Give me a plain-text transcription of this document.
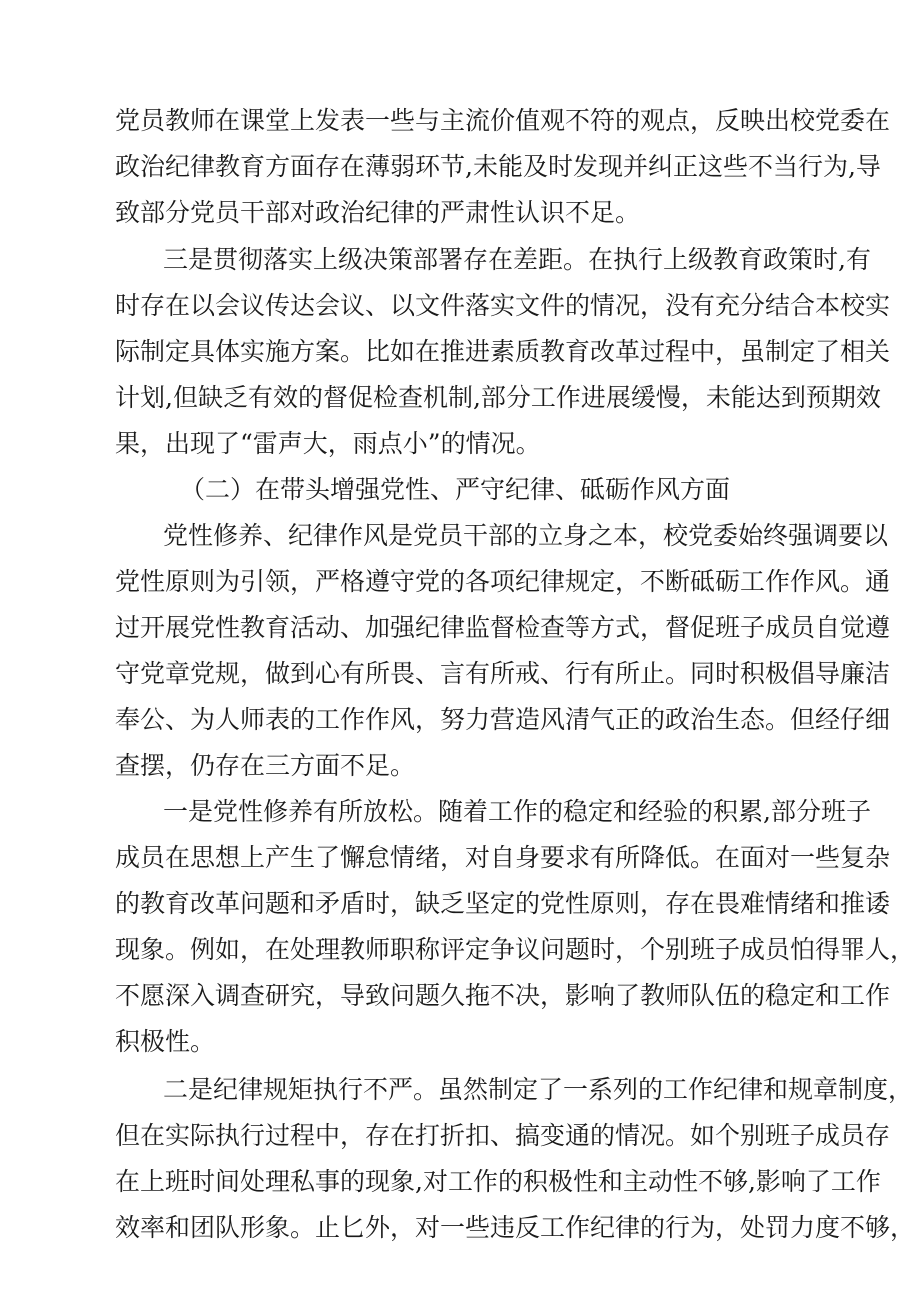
党员教师在课堂上发表一些与主流价值观不符的观点，反映出校党委在
政治纪律教育方面存在薄弱环节,未能及时发现并纠正这些不当行为,导
致部分党员干部对政治纪律的严肃性认识不足。
三是贯彻落实上级决策部署存在差距。在执行上级教育政策时,有
时存在以会议传达会议、以文件落实文件的情况，没有充分结合本校实
际制定具体实施方案。比如在推进素质教育改革过程中，虽制定了相关
计划,但缺乏有效的督促检查机制,部分工作进展缓慢，未能达到预期效
果，出现了“雷声大，雨点小”的情况。
（二）在带头增强党性、严守纪律、砥砺作风方面
党性修养、纪律作风是党员干部的立身之本，校党委始终强调要以
党性原则为引领，严格遵守党的各项纪律规定，不断砥砺工作作风。通
过开展党性教育活动、加强纪律监督检查等方式，督促班子成员自觉遵
守党章党规，做到心有所畏、言有所戒、行有所止。同时积极倡导廉洁
奉公、为人师表的工作作风，努力营造风清气正的政治生态。但经仔细
查摆，仍存在三方面不足。
一是党性修养有所放松。随着工作的稳定和经验的积累,部分班子
成员在思想上产生了懈怠情绪，对自身要求有所降低。在面对一些复杂
的教育改革问题和矛盾时，缺乏坚定的党性原则，存在畏难情绪和推诿
现象。例如，在处理教师职称评定争议问题时，个别班子成员怕得罪人，
不愿深入调查研究，导致问题久拖不决，影响了教师队伍的稳定和工作
积极性。
二是纪律规矩执行不严。虽然制定了一系列的工作纪律和规章制度，
但在实际执行过程中，存在打折扣、搞变通的情况。如个别班子成员存
在上班时间处理私事的现象,对工作的积极性和主动性不够,影响了工作
效率和团队形象。止匕外，对一些违反工作纪律的行为，处罚力度不够，
